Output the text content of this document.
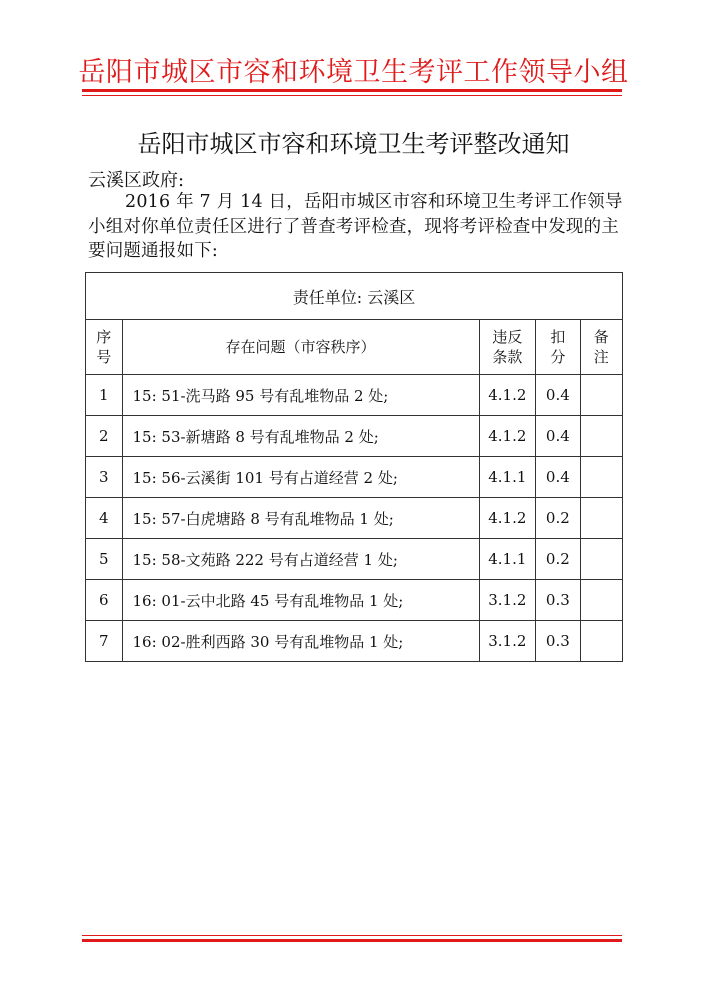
岳阳市城区市容和环境卫生考评工作领导小组
岳阳市城区市容和环境卫生考评整改通知
云溪区政府:
2016 年 7 月 14 日，岳阳市城区市容和环境卫生考评工作领导小组对你单位责任区进行了普查考评检查，现将考评检查中发现的主要问题通报如下:
责任单位: 云溪区				
序号	存在问题（市容秩序）	违反条款	扣分	备注
1	15: 51-洗马路 95 号有乱堆物品 2 处;	4.1.2	0.4	
2	15: 53-新塘路 8 号有乱堆物品 2 处;	4.1.2	0.4	
3	15: 56-云溪街 101 号有占道经营 2 处;	4.1.1	0.4	
4	15: 57-白虎塘路 8 号有乱堆物品 1 处;	4.1.2	0.2	
5	15: 58-文苑路 222 号有占道经营 1 处;	4.1.1	0.2	
6	16: 01-云中北路 45 号有乱堆物品 1 处;	3.1.2	0.3	
7	16: 02-胜利西路 30 号有乱堆物品 1 处;	3.1.2	0.3	
